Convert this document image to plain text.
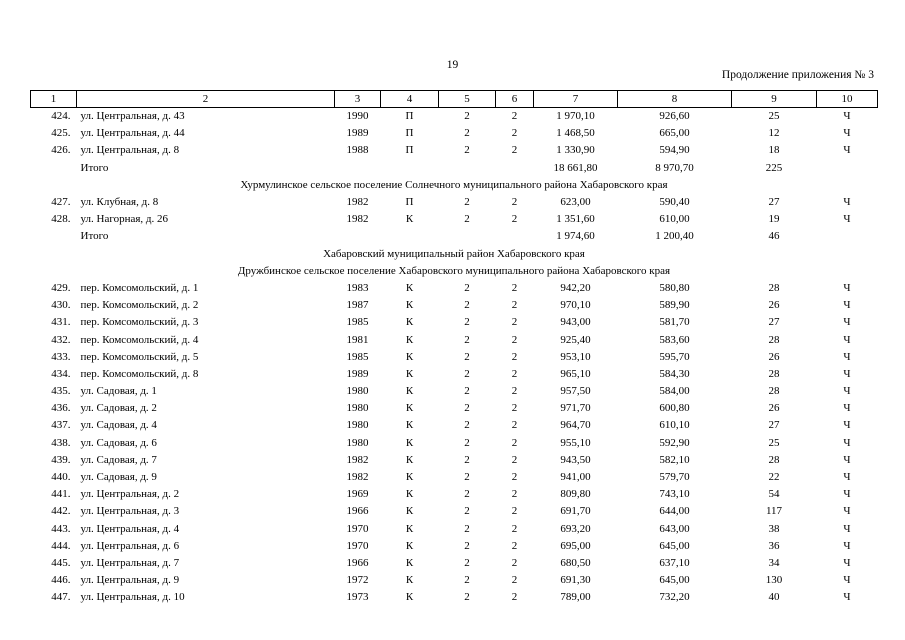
19
Продолжение приложения № 3
1	2	3	4	5	6	7	8	9	10
424.	ул. Центральная, д. 43	1990	П	2	2	1 970,10	926,60	25	Ч
425.	ул. Центральная, д. 44	1989	П	2	2	1 468,50	665,00	12	Ч
426.	ул. Центральная, д. 8	1988	П	2	2	1 330,90	594,90	18	Ч
	Итого					18 661,80	8 970,70	225	
Хурмулинское сельское поселение Солнечного муниципального района Хабаровского края									
427.	ул. Клубная, д. 8	1982	П	2	2	623,00	590,40	27	Ч
428.	ул. Нагорная, д. 26	1982	К	2	2	1 351,60	610,00	19	Ч
	Итого					1 974,60	1 200,40	46	
Хабаровский муниципальный район Хабаровского края									
Дружбинское сельское поселение Хабаровского муниципального района Хабаровского края									
429.	пер. Комсомольский, д. 1	1983	К	2	2	942,20	580,80	28	Ч
430.	пер. Комсомольский, д. 2	1987	К	2	2	970,10	589,90	26	Ч
431.	пер. Комсомольский, д. 3	1985	К	2	2	943,00	581,70	27	Ч
432.	пер. Комсомольский, д. 4	1981	К	2	2	925,40	583,60	28	Ч
433.	пер. Комсомольский, д. 5	1985	К	2	2	953,10	595,70	26	Ч
434.	пер. Комсомольский, д. 8	1989	К	2	2	965,10	584,30	28	Ч
435.	ул. Садовая, д. 1	1980	К	2	2	957,50	584,00	28	Ч
436.	ул. Садовая, д. 2	1980	К	2	2	971,70	600,80	26	Ч
437.	ул. Садовая, д. 4	1980	К	2	2	964,70	610,10	27	Ч
438.	ул. Садовая, д. 6	1980	К	2	2	955,10	592,90	25	Ч
439.	ул. Садовая, д. 7	1982	К	2	2	943,50	582,10	28	Ч
440.	ул. Садовая, д. 9	1982	К	2	2	941,00	579,70	22	Ч
441.	ул. Центральная, д. 2	1969	К	2	2	809,80	743,10	54	Ч
442.	ул. Центральная, д. 3	1966	К	2	2	691,70	644,00	117	Ч
443.	ул. Центральная, д. 4	1970	К	2	2	693,20	643,00	38	Ч
444.	ул. Центральная, д. 6	1970	К	2	2	695,00	645,00	36	Ч
445.	ул. Центральная, д. 7	1966	К	2	2	680,50	637,10	34	Ч
446.	ул. Центральная, д. 9	1972	К	2	2	691,30	645,00	130	Ч
447.	ул. Центральная, д. 10	1973	К	2	2	789,00	732,20	40	Ч
